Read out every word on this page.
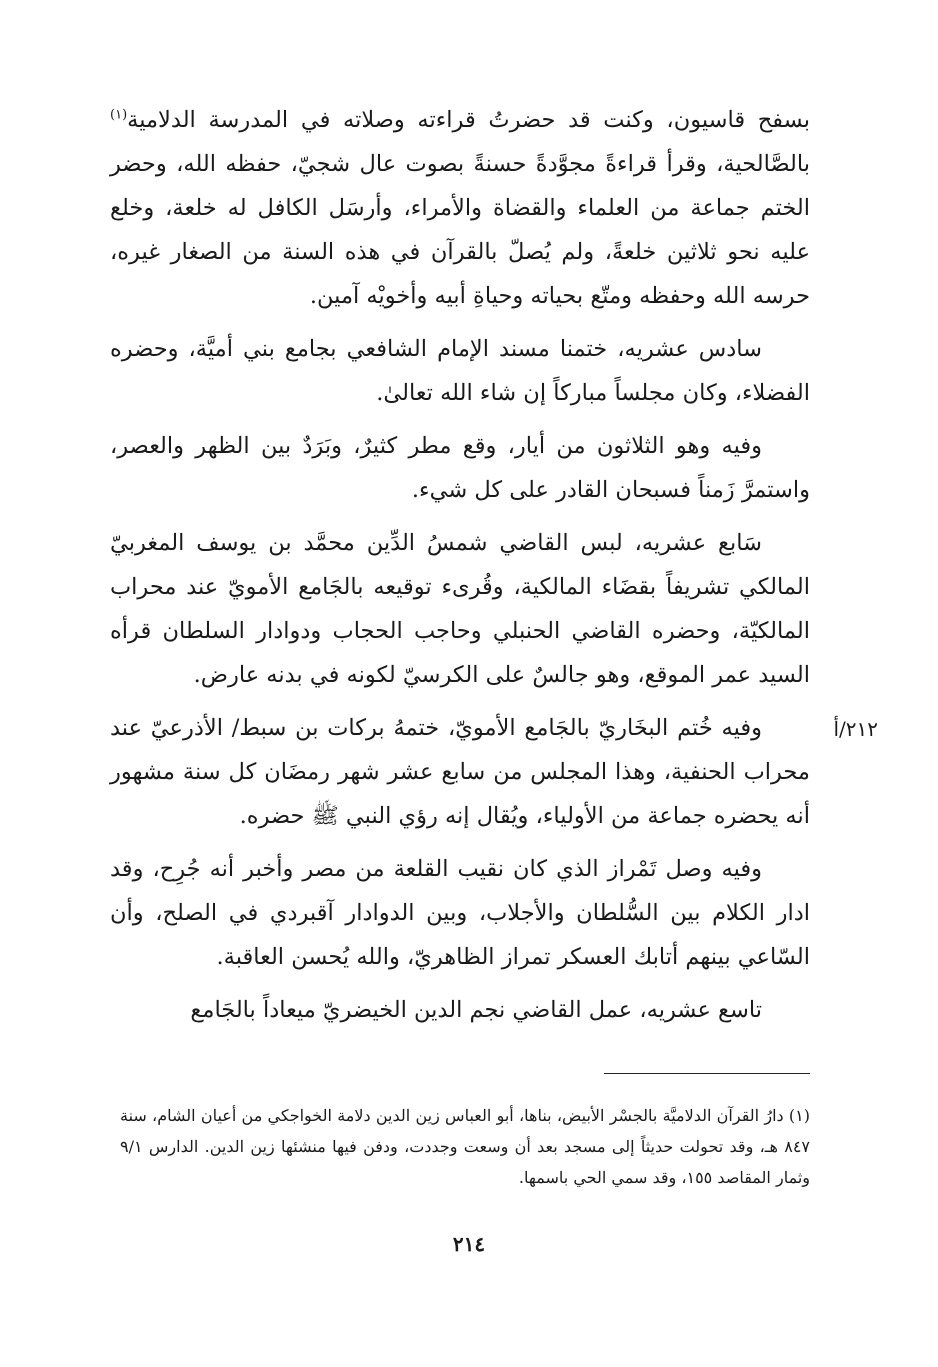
بسفح قاسيون، وكنت قد حضرتُ قراءته وصلاته في المدرسة الدلامية$^{(١)}$ بالصَّالحية، وقرأ قراءةً مجوَّدةً حسنةً بصوت عال شجيّ، حفظه الله، وحضر الختم جماعة من العلماء والقضاة والأمراء، وأرسَل الكافل له خلعة، وخلع عليه نحو ثلاثين خلعةً، ولم يُصلّ بالقرآن في هذه السنة من الصغار غيره، حرسه الله وحفظه ومتّع بحياته وحياةِ أبيه وأخويْه آمين.

سادس عشريه، ختمنا مسند الإمام الشافعي بجامع بني أميَّة، وحضره الفضلاء، وكان مجلساً مباركاً إن شاء الله تعالىٰ.

وفيه وهو الثلاثون من أيار، وقع مطر كثيرٌ، وبَرَدٌ بين الظهر والعصر، واستمرَّ زَمناً فسبحان القادر على كل شيء.

سَابع عشريه، لبس القاضي شمسُ الدِّين محمَّد بن يوسف المغربيّ المالكي تشريفاً بقضَاء المالكية، وقُرىء توقيعه بالجَامع الأمويّ عند محراب المالكيّة، وحضره القاضي الحنبلي وحاجب الحجاب ودوادار السلطان قرأه السيد عمر الموقع، وهو جالسٌ على الكرسيّ لكونه في بدنه عارض.

وفيه خُتم البخَاريّ بالجَامع الأمويّ، ختمهُ بركات بن سبط/ الأذرعيّ عند محراب الحنفية، وهذا المجلس من سابع عشر شهر رمضَان كل سنة مشهور أنه يحضره جماعة من الأولياء، ويُقال إنه رؤي النبي ﷺ حضره.

وفيه وصل تَمْراز الذي كان نقيب القلعة من مصر وأخبر أنه جُرِح، وقد ادار الكلام بين السُّلطان والأجلاب، وبين الدوادار آقبردي في الصلح، وأن السّاعي بينهم أتابك العسكر تمراز الظاهريّ، والله يُحسن العاقبة.

تاسع عشريه، عمل القاضي نجم الدين الخيضريّ ميعاداً بالجَامع

٢١٢/أ
(١) دارُ القرآن الدلاميَّة بالجسْر الأبيض، بناها، أبو العباس زين الدين دلامة الخواجكي من أعيان الشام، سنة ٨٤٧ هـ، وقد تحولت حديثاً إلى مسجد بعد أن وسعت وجددت، ودفن فيها منشئها زين الدين. الدارس ٩/١ وثمار المقاصد ١٥٥، وقد سمي الحي باسمها.
٢١٤
